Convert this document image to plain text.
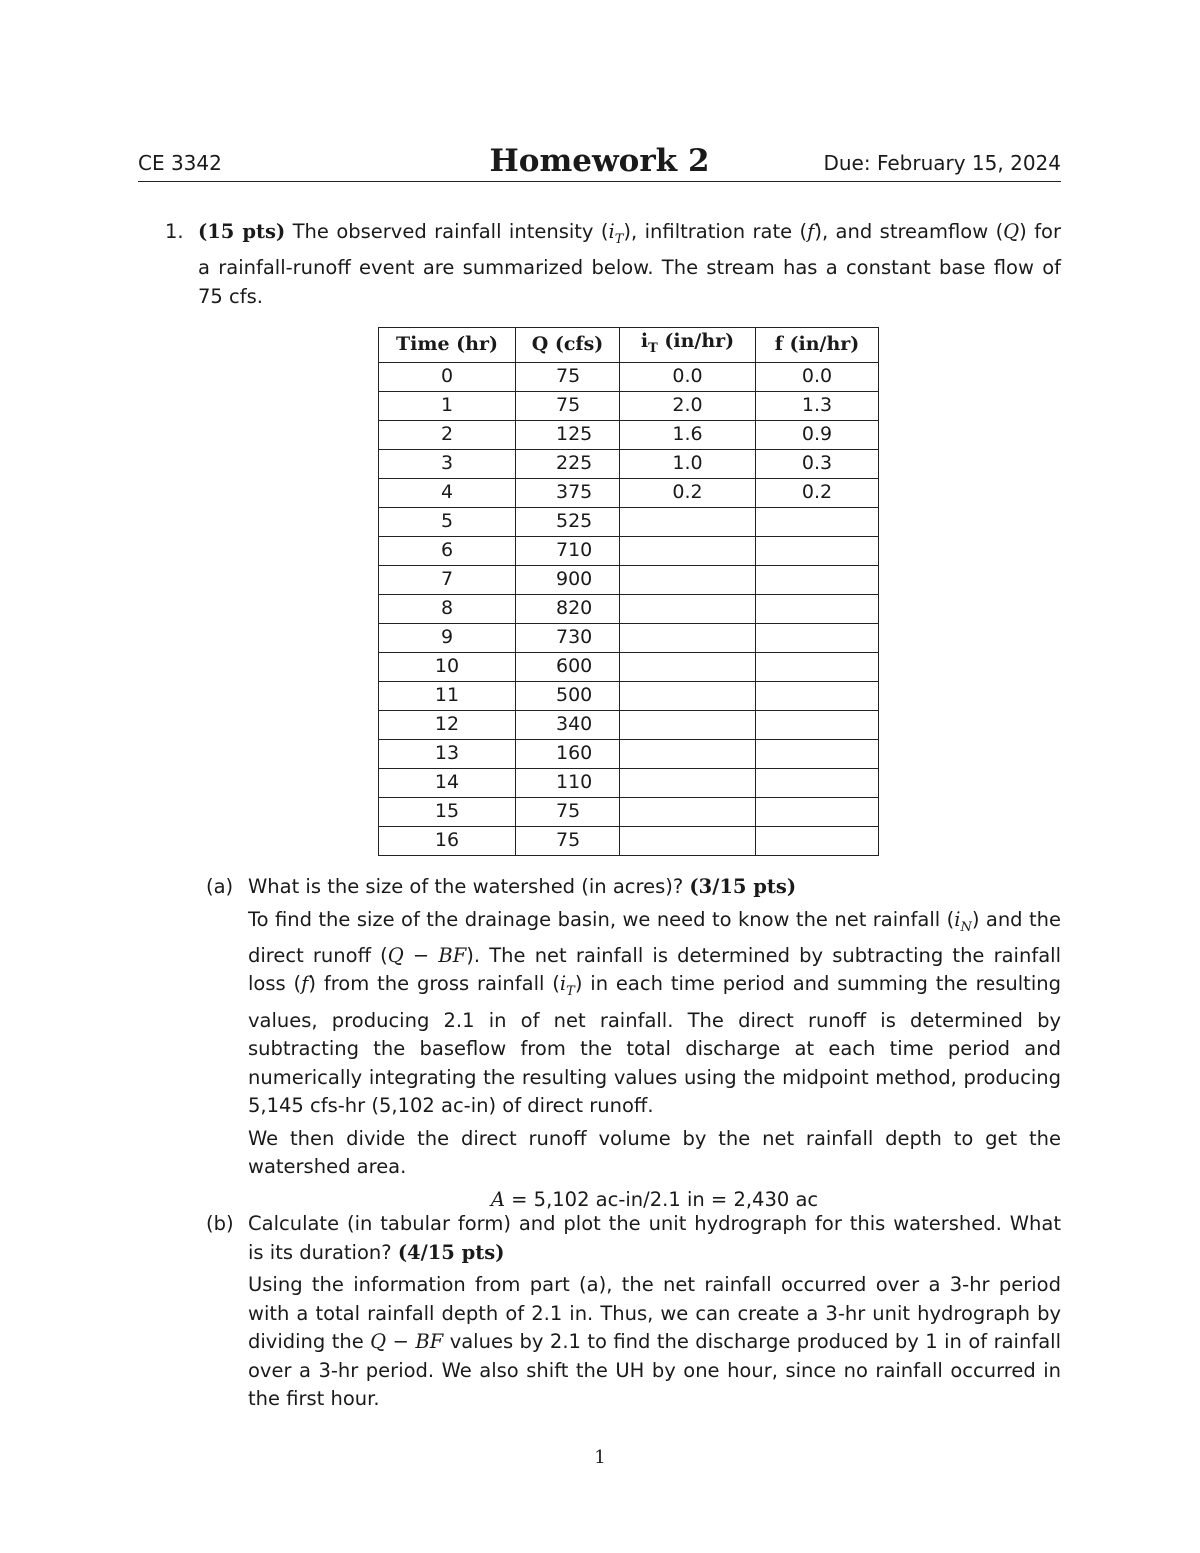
CE 3342	Homework 2	Due: February 15, 2024
1. (15 pts) The observed rainfall intensity $(i_T)$, infiltration rate (f), and streamflow (Q) for a rainfall-runoff event are summarized below. The stream has a constant base flow of 75 cfs.
Time (hr)	Q (cfs)	$i_T$ (in/hr)	f (in/hr)
0	75	0.0	0.0
1	75	2.0	1.3
2	125	1.6	0.9
3	225	1.0	0.3
4	375	0.2	0.2
5	525		
6	710		
7	900		
8	820		
9	730		
10	600		
11	500		
12	340		
13	160		
14	110		
15	75		
16	75		
(a) What is the size of the watershed (in acres)? (3/15 pts)

To find the size of the drainage basin, we need to know the net rainfall $(i_N)$ and the direct runoff (Q − BF). The net rainfall is determined by subtracting the rainfall loss (f) from the gross rainfall $(i_T)$ in each time period and summing the resulting values, producing 2.1 in of net rainfall. The direct runoff is determined by subtracting the baseflow from the total discharge at each time period and numerically integrating the resulting values using the midpoint method, producing 5,145 cfs-hr (5,102 ac-in) of direct runoff.

We then divide the direct runoff volume by the net rainfall depth to get the watershed area.

A = 5,102 ac-in/2.1 in = 2,430 ac

(b) Calculate (in tabular form) and plot the unit hydrograph for this watershed. What is its duration? (4/15 pts)

Using the information from part (a), the net rainfall occurred over a 3-hr period with a total rainfall depth of 2.1 in. Thus, we can create a 3-hr unit hydrograph by dividing the Q − BF values by 2.1 to find the discharge produced by 1 in of rainfall over a 3-hr period. We also shift the UH by one hour, since no rainfall occurred in the first hour.

1
